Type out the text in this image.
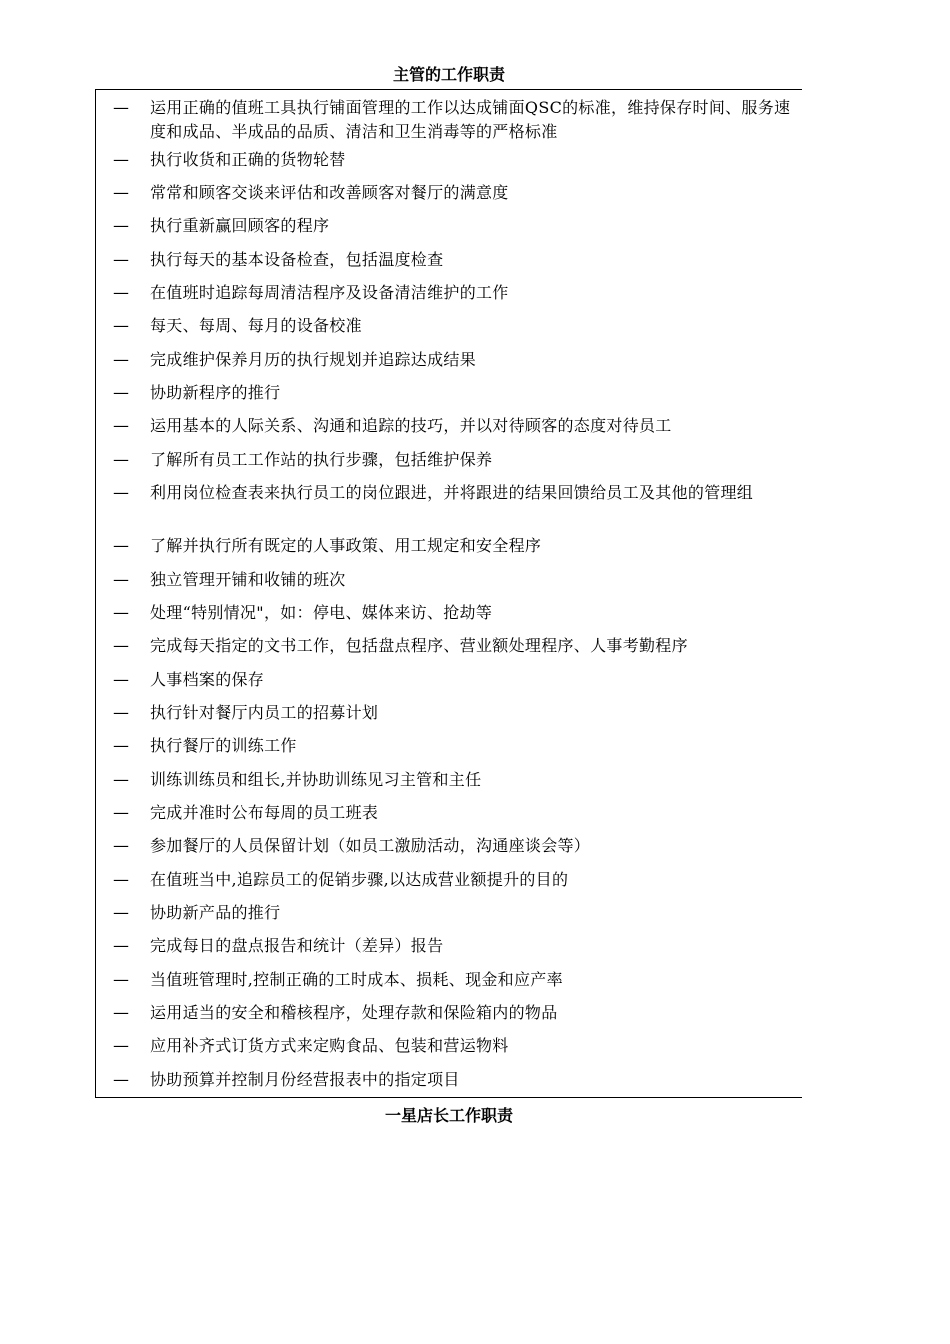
主管的工作职责
— 运用正确的值班工具执行铺面管理的工作以达成铺面QSC的标准，维持保存时间、服务速度和成品、半成品的品质、清洁和卫生消毒等的严格标准
— 执行收货和正确的货物轮替
— 常常和顾客交谈来评估和改善顾客对餐厅的满意度
— 执行重新赢回顾客的程序
— 执行每天的基本设备检查，包括温度检查
— 在值班时追踪每周清洁程序及设备清洁维护的工作
— 每天、每周、每月的设备校准
— 完成维护保养月历的执行规划并追踪达成结果
— 协助新程序的推行
— 运用基本的人际关系、沟通和追踪的技巧，并以对待顾客的态度对待员工
— 了解所有员工工作站的执行步骤，包括维护保养
— 利用岗位检查表来执行员工的岗位跟进，并将跟进的结果回馈给员工及其他的管理组
— 了解并执行所有既定的人事政策、用工规定和安全程序
— 独立管理开铺和收铺的班次
— 处理“特别情况"，如：停电、媒体来访、抢劫等
— 完成每天指定的文书工作，包括盘点程序、营业额处理程序、人事考勤程序
— 人事档案的保存
— 执行针对餐厅内员工的招募计划
— 执行餐厅的训练工作
— 训练训练员和组长,并协助训练见习主管和主任
— 完成并准时公布每周的员工班表
— 参加餐厅的人员保留计划（如员工激励活动，沟通座谈会等）
— 在值班当中,追踪员工的促销步骤,以达成营业额提升的目的
— 协助新产品的推行
— 完成每日的盘点报告和统计（差异）报告
— 当值班管理时,控制正确的工时成本、损耗、现金和应产率
— 运用适当的安全和稽核程序，处理存款和保险箱内的物品
— 应用补齐式订货方式来定购食品、包装和营运物料
— 协助预算并控制月份经营报表中的指定项目
一星店长工作职责
